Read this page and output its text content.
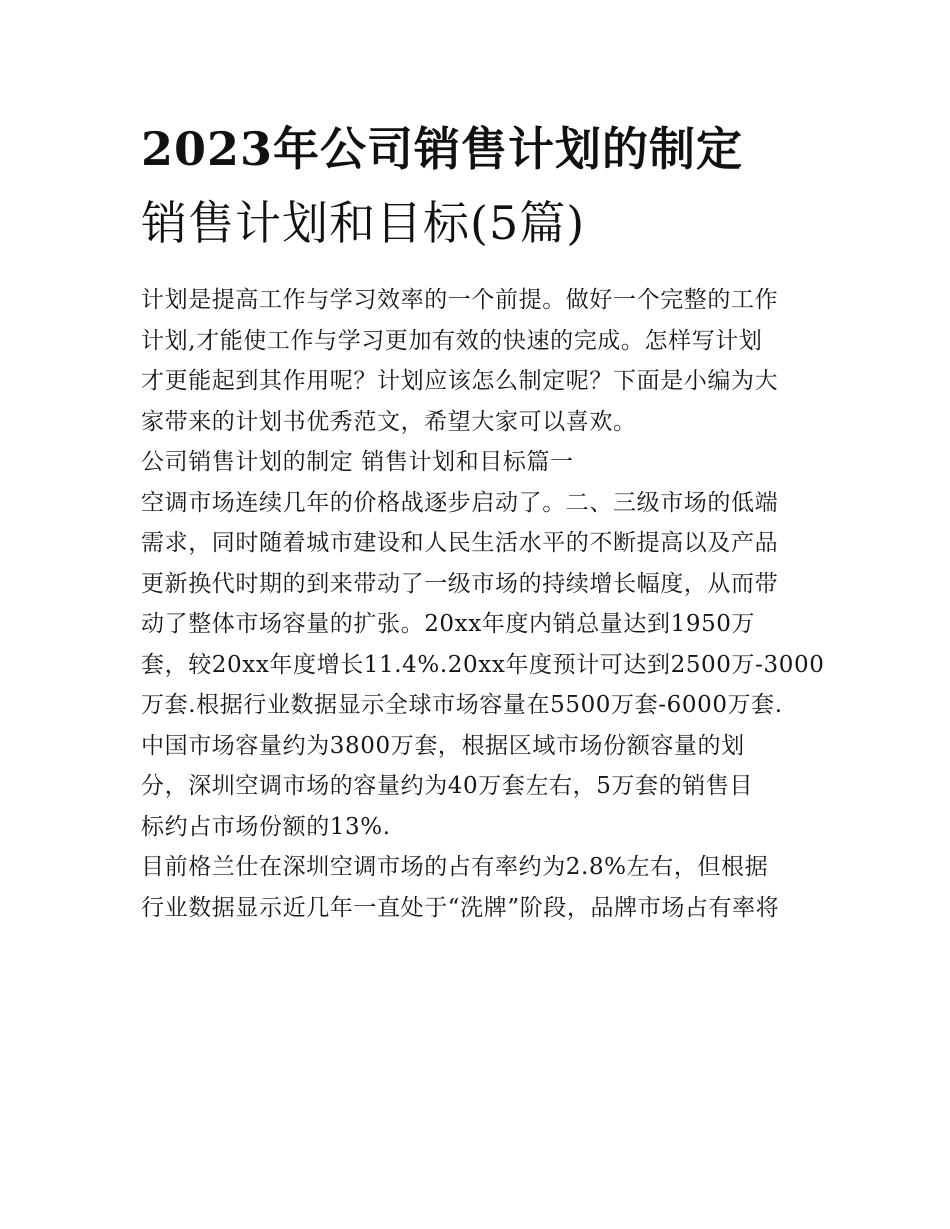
2023年公司销售计划的制定
销售计划和目标(5篇)
计划是提高工作与学习效率的一个前提。做好一个完整的工作
计划,才能使工作与学习更加有效的快速的完成。怎样写计划
才更能起到其作用呢？计划应该怎么制定呢？下面是小编为大
家带来的计划书优秀范文，希望大家可以喜欢。
公司销售计划的制定 销售计划和目标篇一
空调市场连续几年的价格战逐步启动了。二、三级市场的低端
需求，同时随着城市建设和人民生活水平的不断提高以及产品
更新换代时期的到来带动了一级市场的持续增长幅度，从而带
动了整体市场容量的扩张。20xx年度内销总量达到1950万
套，较20xx年度增长11.4%.20xx年度预计可达到2500万-3000
万套.根据行业数据显示全球市场容量在5500万套-6000万套.
中国市场容量约为3800万套，根据区域市场份额容量的划
分，深圳空调市场的容量约为40万套左右，5万套的销售目
标约占市场份额的13%.
目前格兰仕在深圳空调市场的占有率约为2.8%左右，但根据
行业数据显示近几年一直处于“洗牌”阶段，品牌市场占有率将
